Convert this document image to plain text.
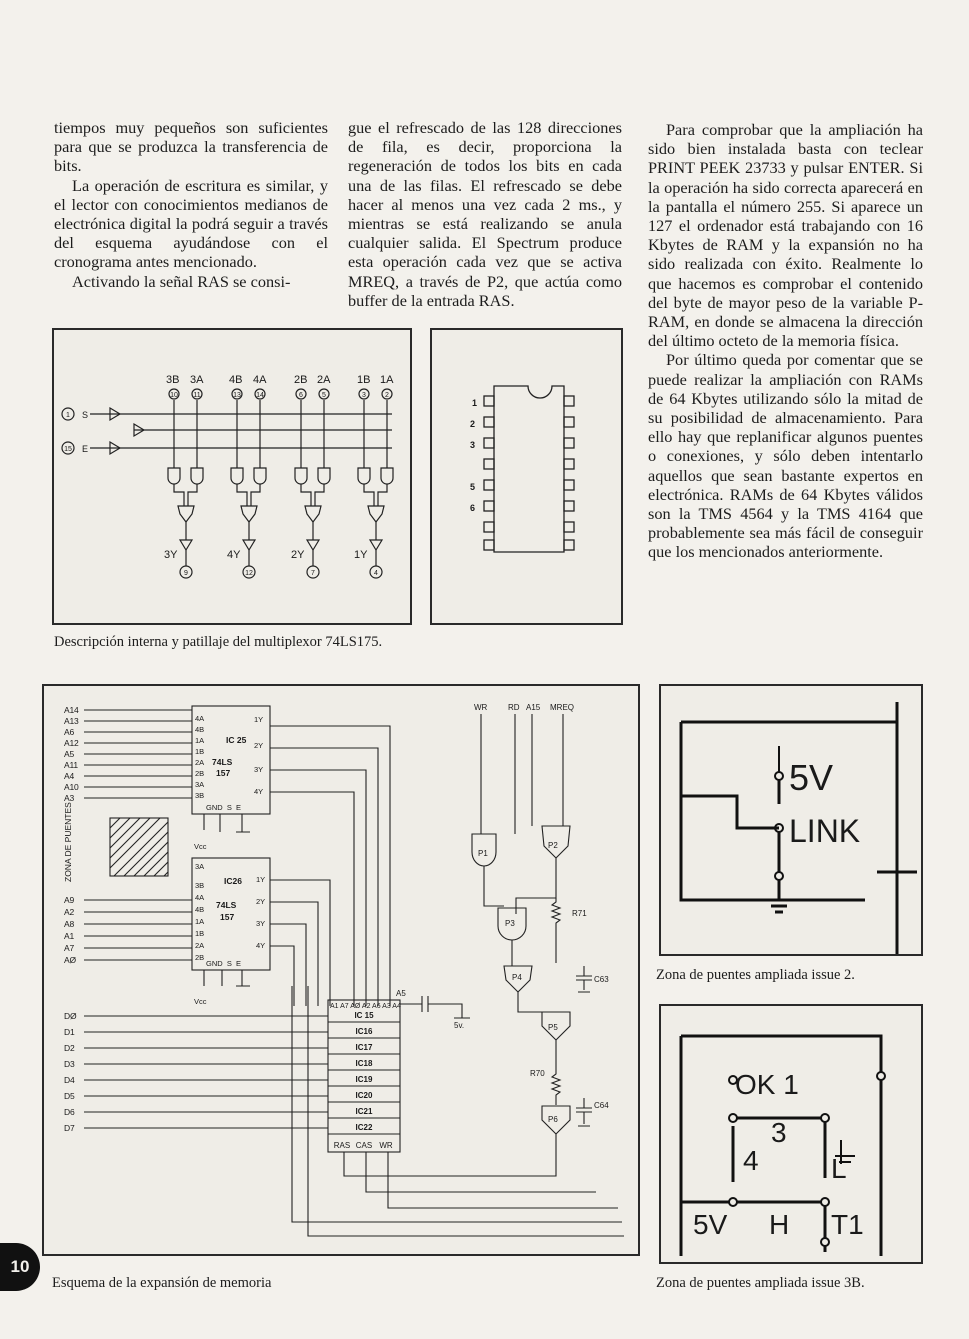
tiempos muy pequeños son suficientes para que se produzca la transferencia de bits.

La operación de escritura es similar, y el lector con conocimientos medianos de electrónica digital la podrá seguir a través del esquema ayudándose con el cronograma antes mencionado.

Activando la señal RAS se consi-

gue el refrescado de las 128 direcciones de fila, es decir, proporciona la regeneración de todos los bits en cada una de las filas. El refrescado se debe hacer al menos una vez cada 2 ms., y mientras se está realizando se anula cualquier salida. El Spectrum produce esta operación cada vez que se activa MREQ, a través de P2, que actúa como buffer de la entrada RAS.

Para comprobar que la ampliación ha sido bien instalada basta con teclear PRINT PEEK 23733 y pulsar ENTER. Si la operación ha sido correcta aparecerá en la pantalla el número 255. Si aparece un 127 el ordenador está trabajando con 16 Kbytes de RAM y la expansión no ha sido realizada con éxito. Realmente lo que hacemos es comprobar el contenido del byte de mayor peso de la variable P-RAM, en donde se almacena la dirección del último octeto de la memoria física.

Por último queda por comentar que se puede realizar la ampliación con RAMs de 64 Kbytes utilizando sólo la mitad de su posibilidad de almacenamiento. Para ello hay que replanificar algunos puentes o conexiones, y sólo deben intentarlo aquellos que sean bastante expertos en electrónica. RAMs de 64 Kbytes válidos son la TMS 4564 y la TMS 4164 que probablemente sea más fácil de conseguir que los mencionados anteriormente.

3B 3A 4B 4A	2B 2A 1B 1A
10 11	13 14	6	5	3	2
1
15
9	12	7	4
S
E
3Y	4Y	2Y	1Y
1
2
3
5
6
Descripción interna y patillaje del multiplexor 74LS175.
A14
A13
A6
A12
A5
A11
A4
A10
A3
A9
A2
A8
A1
A7
AØ
DØ
D1
D2
D3
D4
D5
D6
D7
ZONA DE PUENTES
4A
4B
1A
1B
2A
2B
3A
3B
1Y
2Y
3Y
4Y
GND  S  E
3A
3B
4A
4B
1A
1B
2A
2B
1Y
2Y
3Y
4Y
GND  S  E
Vcc
Vcc
IC 25
74LS
157
IC26
74LS
157
A1 A7 AØ A2 A6 A3 A4
IC 15
IC16
IC17
IC18
IC19
IC20
IC21
IC22
RAS CAS WR
WR	RD A15 MREQ
P1
P2
P3
P4
P5
P6
R71
C63
R70
C64
A5
5v.
Esquema de la expansión de memoria
5V
LINK
Zona de puentes ampliada issue 2.
OK 1
3
4	L
5V H T1
Zona de puentes ampliada issue 3B.
10
